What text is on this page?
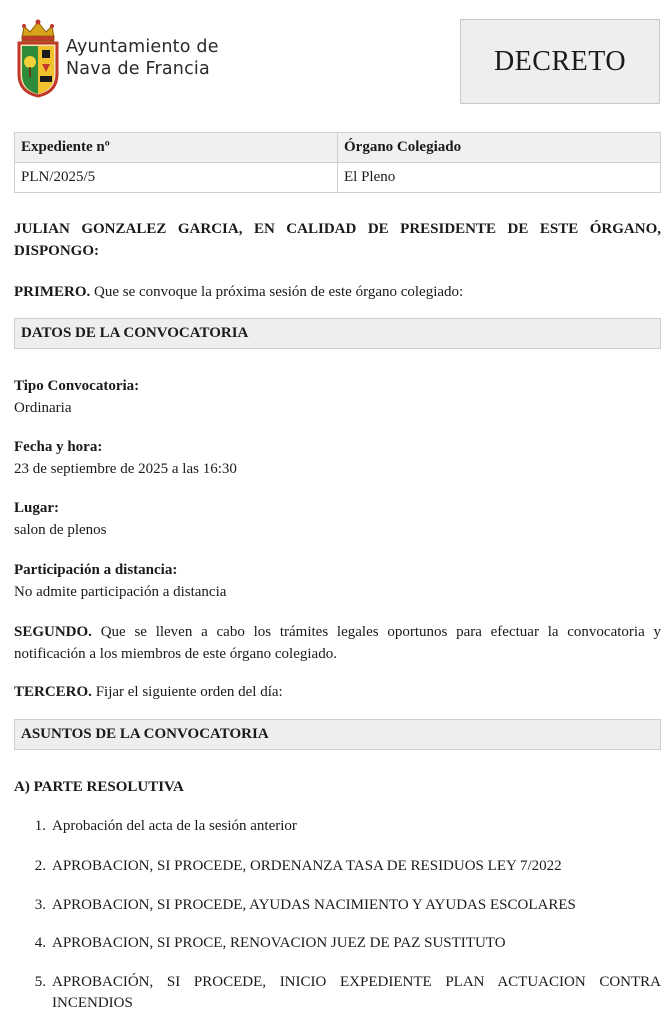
Ayuntamiento de
Nava de Francia	DECRETO
Expediente nº	Órgano Colegiado
PLN/2025/5	El Pleno
JULIAN GONZALEZ GARCIA, EN CALIDAD DE PRESIDENTE DE ESTE ÓRGANO, DISPONGO:
PRIMERO. Que se convoque la próxima sesión de este órgano colegiado:
DATOS DE LA CONVOCATORIA
Tipo Convocatoria:
Ordinaria
Fecha y hora:
23 de septiembre de 2025 a las 16:30
Lugar:
salon de plenos
Participación a distancia:
No admite participación a distancia
SEGUNDO. Que se lleven a cabo los trámites legales oportunos para efectuar la convocatoria y notificación a los miembros de este órgano colegiado.
TERCERO. Fijar el siguiente orden del día:
ASUNTOS DE LA CONVOCATORIA
A) PARTE RESOLUTIVA
1. Aprobación del acta de la sesión anterior
2. APROBACION, SI PROCEDE, ORDENANZA TASA DE RESIDUOS LEY 7/2022
3. APROBACION, SI PROCEDE, AYUDAS NACIMIENTO Y AYUDAS ESCOLARES
4. APROBACION, SI PROCE, RENOVACION JUEZ DE PAZ SUSTITUTO
5. APROBACIÓN, SI PROCEDE, INICIO EXPEDIENTE PLAN ACTUACION CONTRA INCENDIOS
